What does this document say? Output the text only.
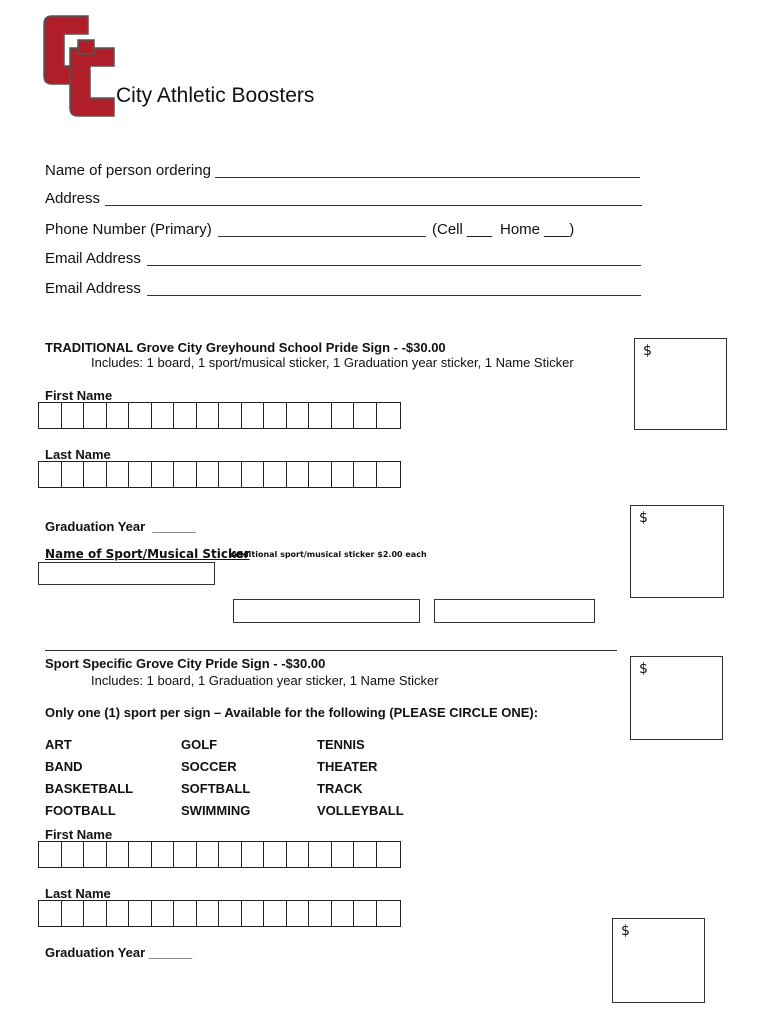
GC
City Athletic Boosters
Name of person ordering
Address
Phone Number (Primary)	(Cell ___ Home ___)
Email Address
Email Address
TRADITIONAL Grove City Greyhound School Pride Sign - -$30.00
Includes: 1 board, 1 sport/musical sticker, 1 Graduation year sticker, 1 Name Sticker
$
First Name
Last Name
Graduation Year  ______
$
Name of Sport/Musical Sticker
Additional sport/musical sticker $2.00 each
Sport Specific Grove City Pride Sign - -$30.00
Includes: 1 board, 1 Graduation year sticker, 1 Name Sticker
$
Only one (1) sport per sign – Available for the following (PLEASE CIRCLE ONE):
ART
BAND
BASKETBALL
FOOTBALL
GOLF
SOCCER
SOFTBALL
SWIMMING
TENNIS
THEATER
TRACK
VOLLEYBALL
First Name
Last Name
Graduation Year ______
$
